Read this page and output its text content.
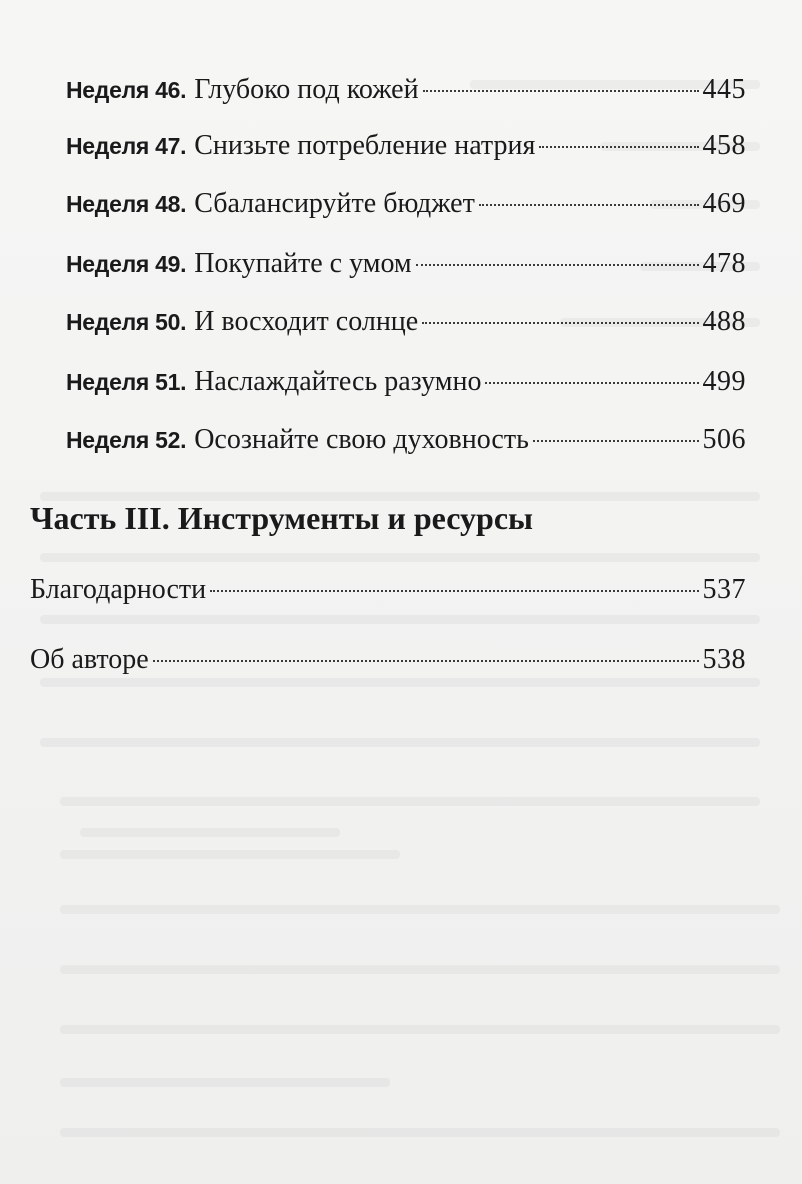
Неделя 46. Глубоко под кожей	445
Неделя 47. Снизьте потребление натрия	458
Неделя 48. Сбалансируйте бюджет	469
Неделя 49. Покупайте с умом	478
Неделя 50. И восходит солнце	488
Неделя 51. Наслаждайтесь разумно	499
Неделя 52. Осознайте свою духовность	506
Часть III. Инструменты и ресурсы
Благодарности	537
Об авторе	538
